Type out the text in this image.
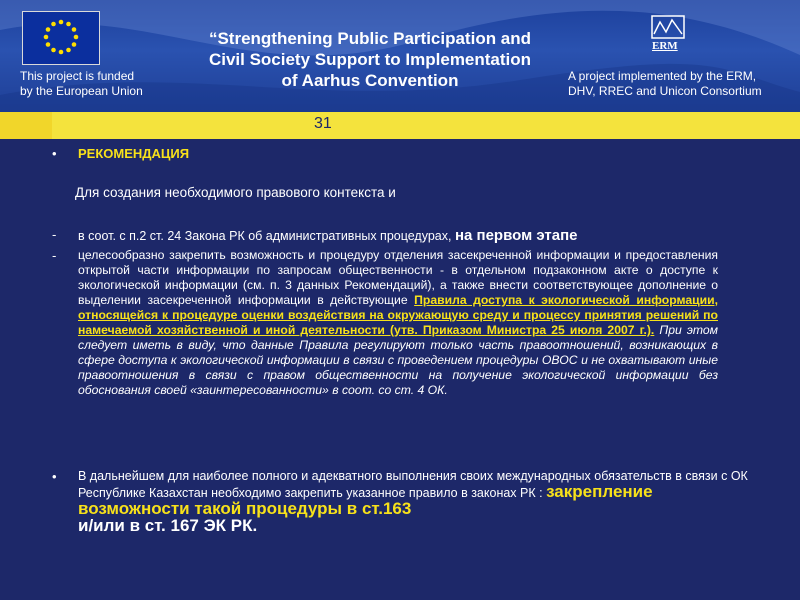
This project is funded
by the European Union
“Strengthening Public Participation and
Civil Society Support to Implementation
of Aarhus Convention
ERM
A project implemented by the ERM,
DHV, RREC and Unicon Consortium
31
• РЕКОМЕНДАЦИЯ
Для создания необходимого правового контекста и
- в соот. с п.2 ст. 24 Закона РК об административных процедурах, на первом этапе
- целесообразно закрепить возможность и процедуру отделения засекреченной информации и предоставления открытой части информации по запросам общественности - в отдельном подзаконном акте о доступе к экологической информации (см. п. 3 данных Рекомендаций), а также внести соответствующее дополнение о выделении засекреченной информации в действующие Правила доступа к экологической информации, относящейся к процедуре оценки воздействия на окружающую среду и процессу принятия решений по намечаемой хозяйственной и иной деятельности (утв. Приказом Министра 25 июля 2007 г.). При этом следует иметь в виду, что данные Правила регулируют только часть правоотношений, возникающих в сфере доступа к экологической информации в связи с проведением процедуры ОВОС и не охватывают иные правоотношения в связи с правом общественности на получение экологической информации без обоснования своей «заинтересованности» в соот. со ст. 4 ОК.
• В дальнейшем для наиболее полного и адекватного выполнения своих международных обязательств в связи с ОК Республике Казахстан необходимо закрепить указанное правило в законах РК : закрепление возможности такой процедуры в ст.163
и/или в ст. 167 ЭК РК.
